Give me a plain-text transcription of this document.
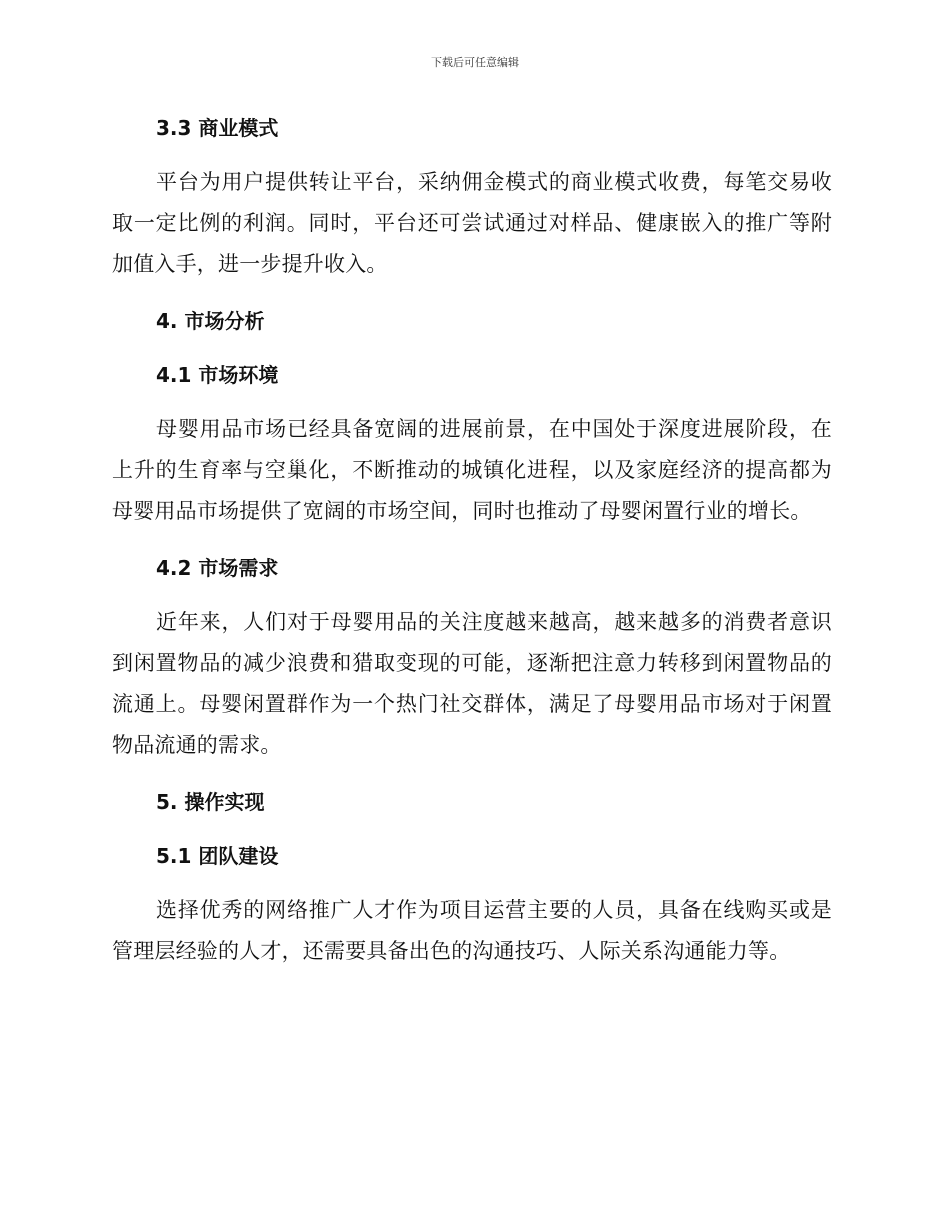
下载后可任意编辑
3.3 商业模式

平台为用户提供转让平台，采纳佣金模式的商业模式收费，每笔交易收取一定比例的利润。同时，平台还可尝试通过对样品、健康嵌入的推广等附加值入手，进一步提升收入。

4. 市场分析
4.1 市场环境

母婴用品市场已经具备宽阔的进展前景，在中国处于深度进展阶段，在上升的生育率与空巢化，不断推动的城镇化进程，以及家庭经济的提高都为母婴用品市场提供了宽阔的市场空间，同时也推动了母婴闲置行业的增长。

4.2 市场需求

近年来，人们对于母婴用品的关注度越来越高，越来越多的消费者意识到闲置物品的减少浪费和猎取变现的可能，逐渐把注意力转移到闲置物品的流通上。母婴闲置群作为一个热门社交群体，满足了母婴用品市场对于闲置物品流通的需求。

5. 操作实现
5.1 团队建设

选择优秀的网络推广人才作为项目运营主要的人员，具备在线购买或是管理层经验的人才，还需要具备出色的沟通技巧、人际关系沟通能力等。
